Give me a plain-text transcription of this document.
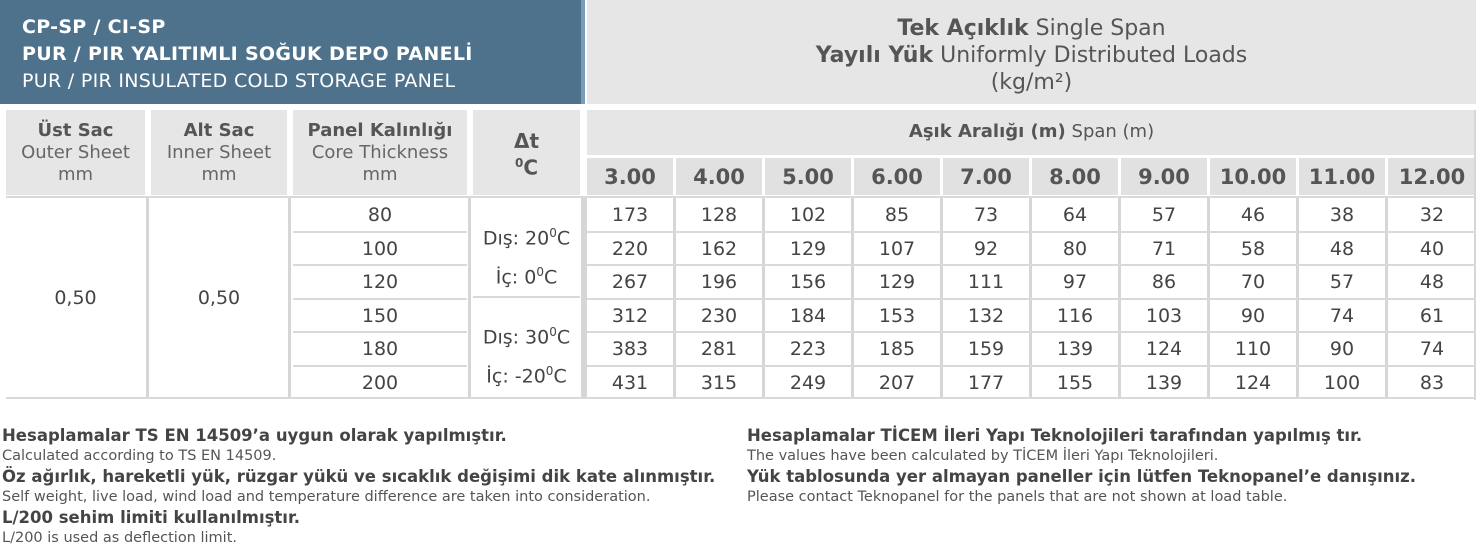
CP-SP / CI-SP
PUR / PIR YALITIMLI SOĞUK DEPO PANELİ
PUR / PIR INSULATED COLD STORAGE PANEL
Tek Açıklık Single Span
Yayılı Yük Uniformly Distributed Loads
(kg/m²)
Üst Sac
Outer Sheet
mm
Alt Sac
Inner Sheet
mm
Panel Kalınlığı
Core Thickness
mm
Δt
$^0$C
Aşık Aralığı (m) Span (m)
3.00	4.00	5.00	6.00	7.00	8.00	9.00	10.00	11.00	12.00
0,50	0,50
Dış: $20^0C$
İç: $0^0C$
Dış: $30^0C$
İç: $-20^0C$
80	173	128	102	85	73	64	57	46	38	32
100	220	162	129	107	92	80	71	58	48	40
120	267	196	156	129	111	97	86	70	57	48
150	312	230	184	153	132	116	103	90	74	61
180	383	281	223	185	159	139	124	110	90	74
200	431	315	249	207	177	155	139	124	100	83
Hesaplamalar TS EN 14509’a uygun olarak yapılmıştır.
Calculated according to TS EN 14509.
Öz ağırlık, hareketli yük, rüzgar yükü ve sıcaklık değişimi dik kate alınmıştır.
Self weight, live load, wind load and temperature difference are taken into consideration.
L/200 sehim limiti kullanılmıştır.
L/200 is used as deflection limit.
Hesaplamalar TİCEM İleri Yapı Teknolojileri tarafından yapılmış tır.
The values have been calculated by TİCEM İleri Yapı Teknolojileri.
Yük tablosunda yer almayan paneller için lütfen Teknopanel’e danışınız.
Please contact Teknopanel for the panels that are not shown at load table.
